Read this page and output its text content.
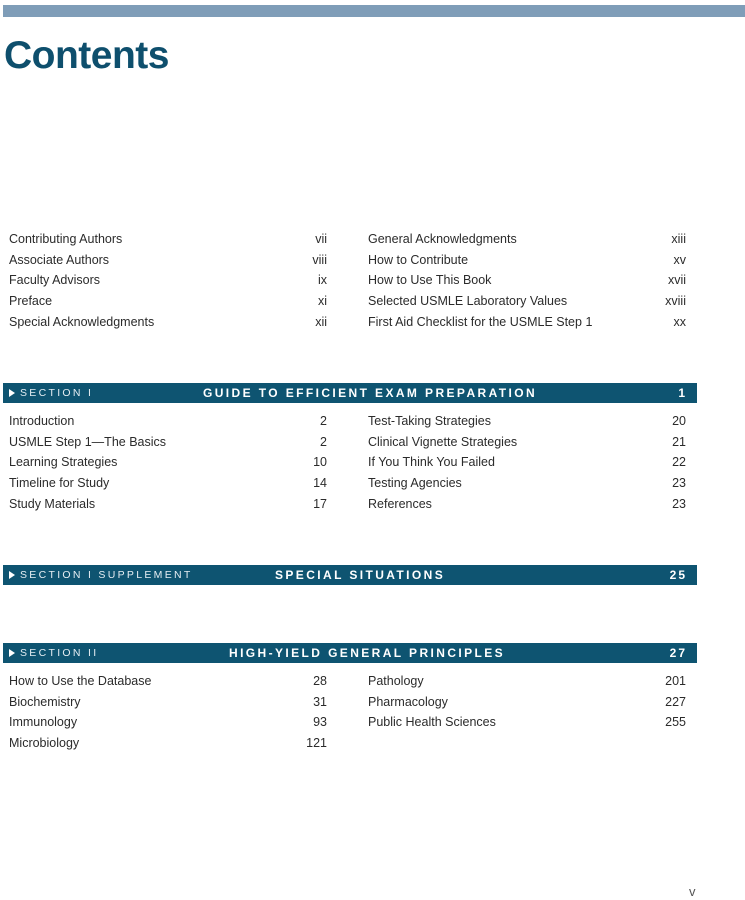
Contents
Contributing Authors	vii
Associate Authors	viii
Faculty Advisors	ix
Preface	xi
Special Acknowledgments	xii
General Acknowledgments	xiii
How to Contribute	xv
How to Use This Book	xvii
Selected USMLE Laboratory Values	xviii
First Aid Checklist for the USMLE Step 1	xx
SECTION I	GUIDE TO EFFICIENT EXAM PREPARATION	1
Introduction	2
USMLE Step 1—The Basics	2
Learning Strategies	10
Timeline for Study	14
Study Materials	17
Test-Taking Strategies	20
Clinical Vignette Strategies	21
If You Think You Failed	22
Testing Agencies	23
References	23
SECTION I SUPPLEMENT	SPECIAL SITUATIONS	25
SECTION II	HIGH-YIELD GENERAL PRINCIPLES	27
How to Use the Database	28
Biochemistry	31
Immunology	93
Microbiology	121
Pathology	201
Pharmacology	227
Public Health Sciences	255
v
